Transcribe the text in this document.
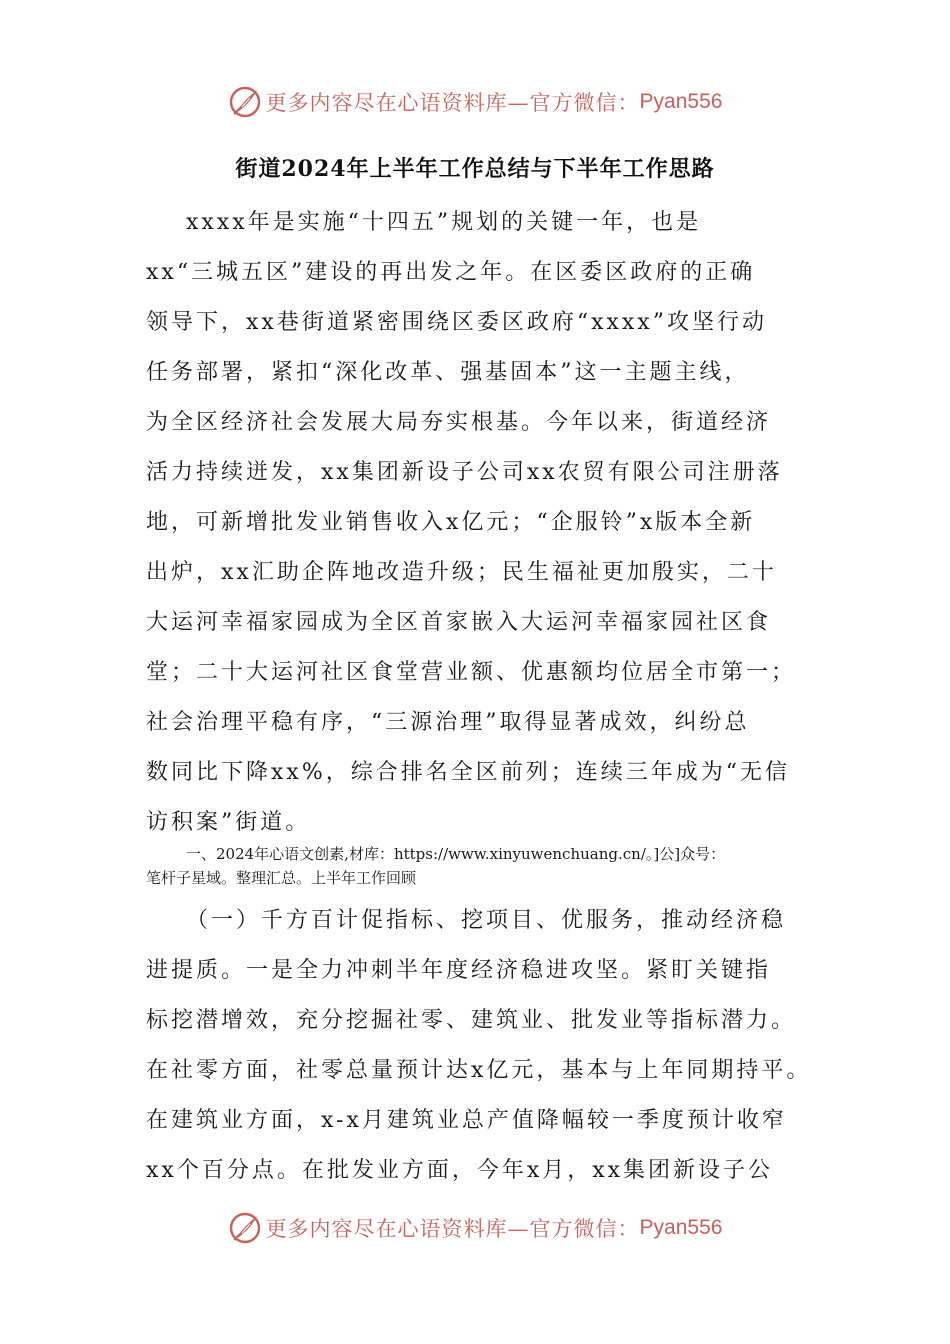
更多内容尽在心语资料库—官方微信： Pyan556
街道2024年上半年工作总结与下半年工作思路
xxxx年是实施“十四五”规划的关键一年，也是
xx“三城五区”建设的再出发之年。在区委区政府的正确
领导下，xx巷街道紧密围绕区委区政府“xxxx”攻坚行动
任务部署，紧扣“深化改革、强基固本”这一主题主线，
为全区经济社会发展大局夯实根基。今年以来，街道经济
活力持续迸发，xx集团新设子公司xx农贸有限公司注册落
地，可新增批发业销售收入x亿元；“企服铃”x版本全新
出炉，xx汇助企阵地改造升级；民生福祉更加殷实，二十
大运河幸福家园成为全区首家嵌入大运河幸福家园社区食
堂；二十大运河社区食堂营业额、优惠额均位居全市第一；
社会治理平稳有序，“三源治理”取得显著成效，纠纷总
数同比下降xx%，综合排名全区前列；连续三年成为“无信
访积案”街道。
一、2024年心语文创素,材库：https://www.xinyuwenchuang.cn/。]公]众号：
笔杆子星域。整理汇总。上半年工作回顾
（一）千方百计促指标、挖项目、优服务，推动经济稳
进提质。一是全力冲刺半年度经济稳进攻坚。紧盯关键指
标挖潜增效，充分挖掘社零、建筑业、批发业等指标潜力。
在社零方面，社零总量预计达x亿元，基本与上年同期持平。
在建筑业方面，x-x月建筑业总产值降幅较一季度预计收窄
xx个百分点。在批发业方面，今年x月，xx集团新设子公
更多内容尽在心语资料库—官方微信： Pyan556
